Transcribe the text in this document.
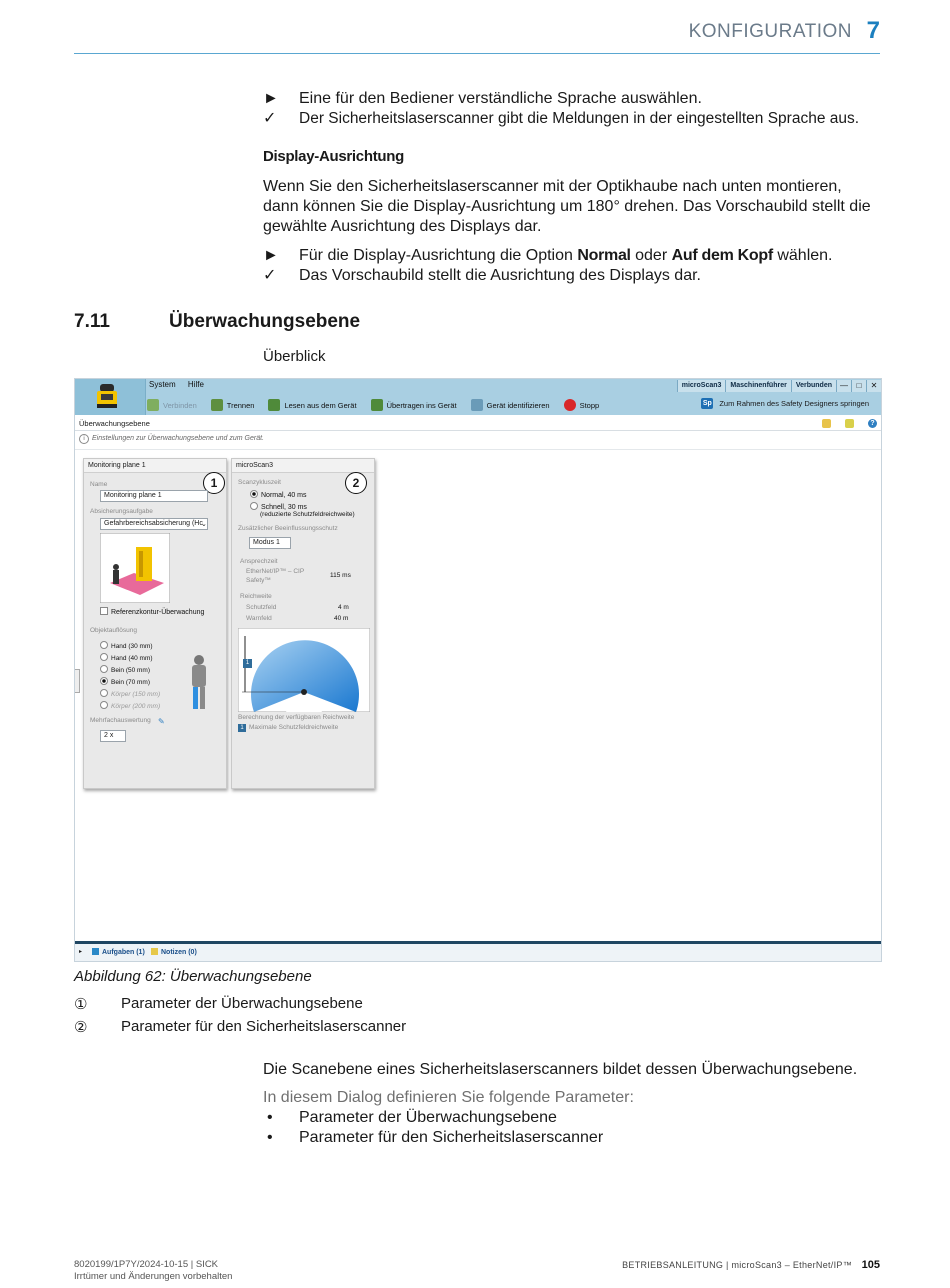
KONFIGURATION 7
► Eine für den Bediener verständliche Sprache auswählen.
✓ Der Sicherheitslaserscanner gibt die Meldungen in der eingestellten Sprache aus.
Display-Ausrichtung
Wenn Sie den Sicherheitslaserscanner mit der Optikhaube nach unten montieren,
dann können Sie die Display-Ausrichtung um 180° drehen. Das Vorschaubild stellt die
gewählte Ausrichtung des Displays dar.
► Für die Display-Ausrichtung die Option Normal oder Auf dem Kopf wählen.
✓ Das Vorschaubild stellt die Ausrichtung des Displays dar.
7.11	Überwachungsebene
Überblick
System Hilfe	microScan3	Maschinenführer	Verbunden	—	□	✕
Verbinden	Trennen	Lesen aus dem Gerät	Übertragen ins Gerät	Gerät identifizieren	Stopp	Sp Zum Rahmen des Safety Designers springen
Überwachungsebene	?
i Einstellungen zur Überwachungsebene und zum Gerät.
Monitoring plane 1
1
Name
Monitoring plane 1
Absicherungsaufgabe
Gefahrbereichsabsicherung (Hc
⌄
Referenzkontur-Überwachung
Objektauflösung
Hand (30 mm)
Hand (40 mm)
Bein (50 mm)
Bein (70 mm)
Körper (150 mm)
Körper (200 mm)
Mehrfachauswertung ✎
2 x
microScan3
2
Scanzykluszeit
Normal, 40 ms
Schnell, 30 ms
(reduzierte Schutzfeldreichweite)
Zusätzlicher Beeinflussungsschutz
Modus 1
Ansprechzeit
EtherNet/IP™ – CIP
Safety™
115 ms
Reichweite
Schutzfeld	4 m
Warnfeld	40 m
1
Berechnung der verfügbaren Reichweite
1 Maximale Schutzfeldreichweite
▸	Aufgaben (1)	Notizen (0)
Abbildung 62: Überwachungsebene
① Parameter der Überwachungsebene
② Parameter für den Sicherheitslaserscanner
Die Scanebene eines Sicherheitslaserscanners bildet dessen Überwachungsebene.
In diesem Dialog definieren Sie folgende Parameter:
• Parameter der Überwachungsebene
• Parameter für den Sicherheitslaserscanner
8020199/1P7Y/2024-10-15 | SICK
Irrtümer und Änderungen vorbehalten
BETRIEBSANLEITUNG | microScan3 – EtherNet/IP™ 105
